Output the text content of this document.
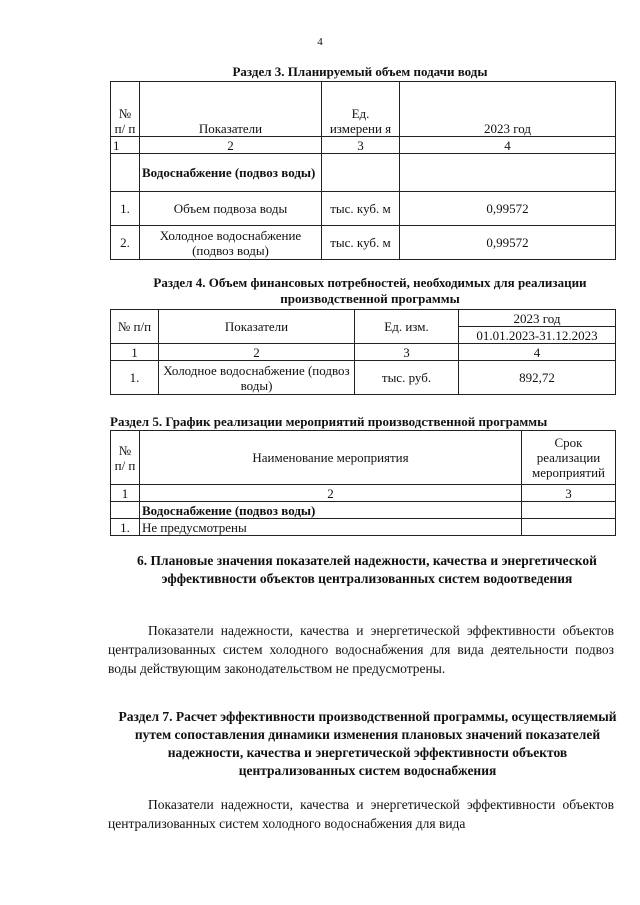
4
Раздел 3. Планируемый объем подачи воды
№ п/ п	Показатели	Ед. измерени я	2023 год
1	2	3	4
	Водоснабжение (подвоз воды)		
1.	Объем подвоза воды	тыс. куб. м	0,99572
2.	Холодное водоснабжение (подвоз воды)	тыс. куб. м	0,99572
Раздел 4. Объем финансовых потребностей, необходимых для реализации производственной программы
№ п/п	Показатели	Ед. изм.	2023 год
			01.01.2023-31.12.2023
1	2	3	4
1.	Холодное водоснабжение (подвоз воды)	тыс. руб.	892,72
Раздел 5. График реализации мероприятий производственной программы
№ п/ п	Наименование мероприятия	Срок реализации мероприятий
1	2	3
	Водоснабжение (подвоз воды)	
1.	Не предусмотрены	
6. Плановые значения показателей надежности, качества и энергетической эффективности объектов централизованных систем водоотведения
Показатели надежности, качества и энергетической эффективности объектов централизованных систем холодного водоснабжения для вида деятельности подвоз воды действующим законодательством не предусмотрены.
Раздел 7. Расчет эффективности производственной программы, осуществляемый путем сопоставления динамики изменения плановых значений показателей надежности, качества и энергетической эффективности объектов централизованных систем водоснабжения
Показатели надежности, качества и энергетической эффективности объектов централизованных систем холодного водоснабжения для вида
